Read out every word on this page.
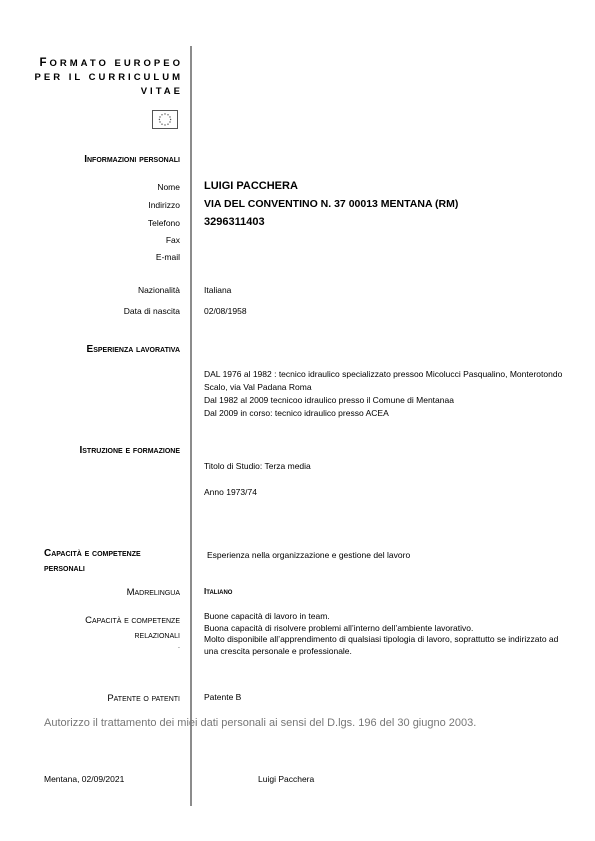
FORMATO EUROPEO
PER IL CURRICULUM
VITAE
Informazioni personali
Nome LUIGI PACCHERA
Indirizzo VIA DEL CONVENTINO N. 37 00013 MENTANA (RM)
Telefono 3296311403
Fax
E-mail
Nazionalità	Italiana
Data di nascita	02/08/1958
Esperienza lavorativa
DAL 1976 al 1982 : tecnico idraulico specializzato pressoo Micolucci Pasqualino, Monterotondo
Scalo, via Val Padana Roma
Dal 1982 al 2009 tecnicoo idraulico presso il Comune di Mentanaa
Dal 2009 in corso: tecnico idraulico presso ACEA
Istruzione e formazione
Titolo di Studio: Terza media
Anno 1973/74
Capacità e competenze
personali
Esperienza nella organizzazione e gestione del lavoro
Madrelingua	Italiano
Capacità e competenze
relazionali
.
Buone capacità di lavoro in team.
Buona capacità di risolvere problemi all’interno dell’ambiente lavorativo.
Molto disponibile all’apprendimento di qualsiasi tipologia di lavoro, soprattutto se indirizzato ad
una crescita personale e professionale.
Patente o patenti	Patente B
Autorizzo il trattamento dei miei dati personali ai sensi del D.lgs. 196 del 30 giugno 2003.
Mentana, 02/09/2021	Luigi Pacchera
